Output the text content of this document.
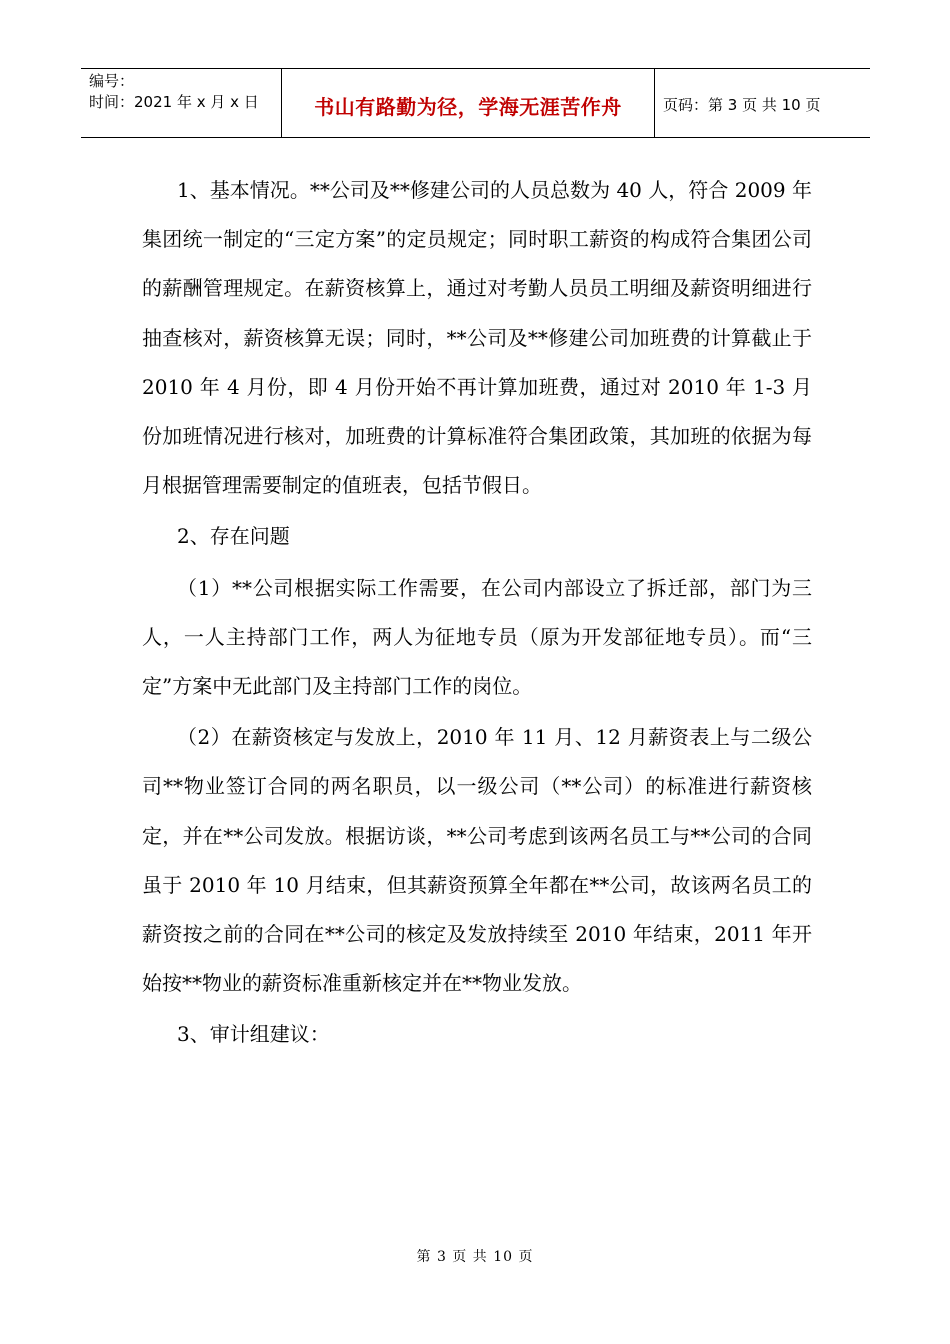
编号：
时间：2021 年 x 月 x 日	书山有路勤为径，学海无涯苦作舟	页码：第 3 页 共 10 页

1、基本情况。**公司及**修建公司的人员总数为 40 人，符合 2009 年集团统一制定的“三定方案”的定员规定；同时职工薪资的构成符合集团公司的薪酬管理规定。在薪资核算上，通过对考勤人员员工明细及薪资明细进行抽查核对，薪资核算无误；同时，**公司及**修建公司加班费的计算截止于 2010 年 4 月份，即 4 月份开始不再计算加班费，通过对 2010 年 1-3 月份加班情况进行核对，加班费的计算标准符合集团政策，其加班的依据为每月根据管理需要制定的值班表，包括节假日。

2、存在问题

（1）**公司根据实际工作需要，在公司内部设立了拆迁部，部门为三人，一人主持部门工作，两人为征地专员（原为开发部征地专员）。而“三定”方案中无此部门及主持部门工作的岗位。

（2）在薪资核定与发放上，2010 年 11 月、12 月薪资表上与二级公司**物业签订合同的两名职员，以一级公司（**公司）的标准进行薪资核定，并在**公司发放。根据访谈，**公司考虑到该两名员工与**公司的合同虽于 2010 年 10 月结束，但其薪资预算全年都在**公司，故该两名员工的薪资按之前的合同在**公司的核定及发放持续至 2010 年结束，2011 年开始按**物业的薪资标准重新核定并在**物业发放。

3、审计组建议：

第 3 页 共 10 页
